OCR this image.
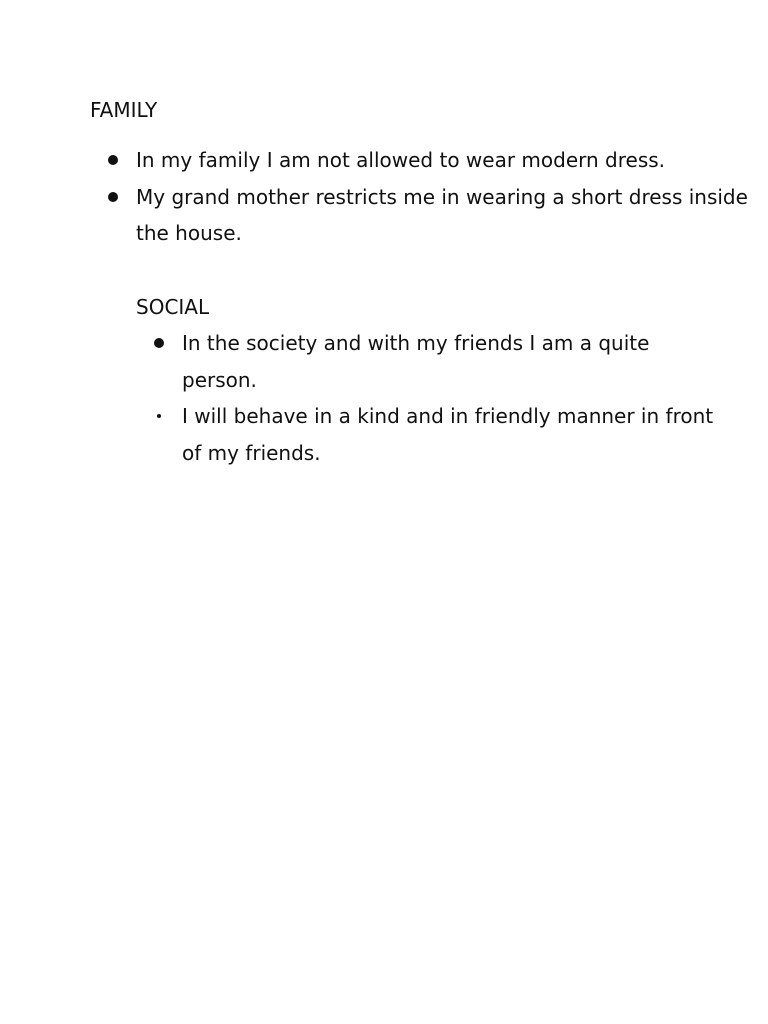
FAMILY
In my family I am not allowed to wear modern dress.
My grand mother restricts me in wearing a short dress inside the house.
SOCIAL
In the society and with my friends I am a quite person.
I will behave in a kind and in friendly manner in front of my friends.
